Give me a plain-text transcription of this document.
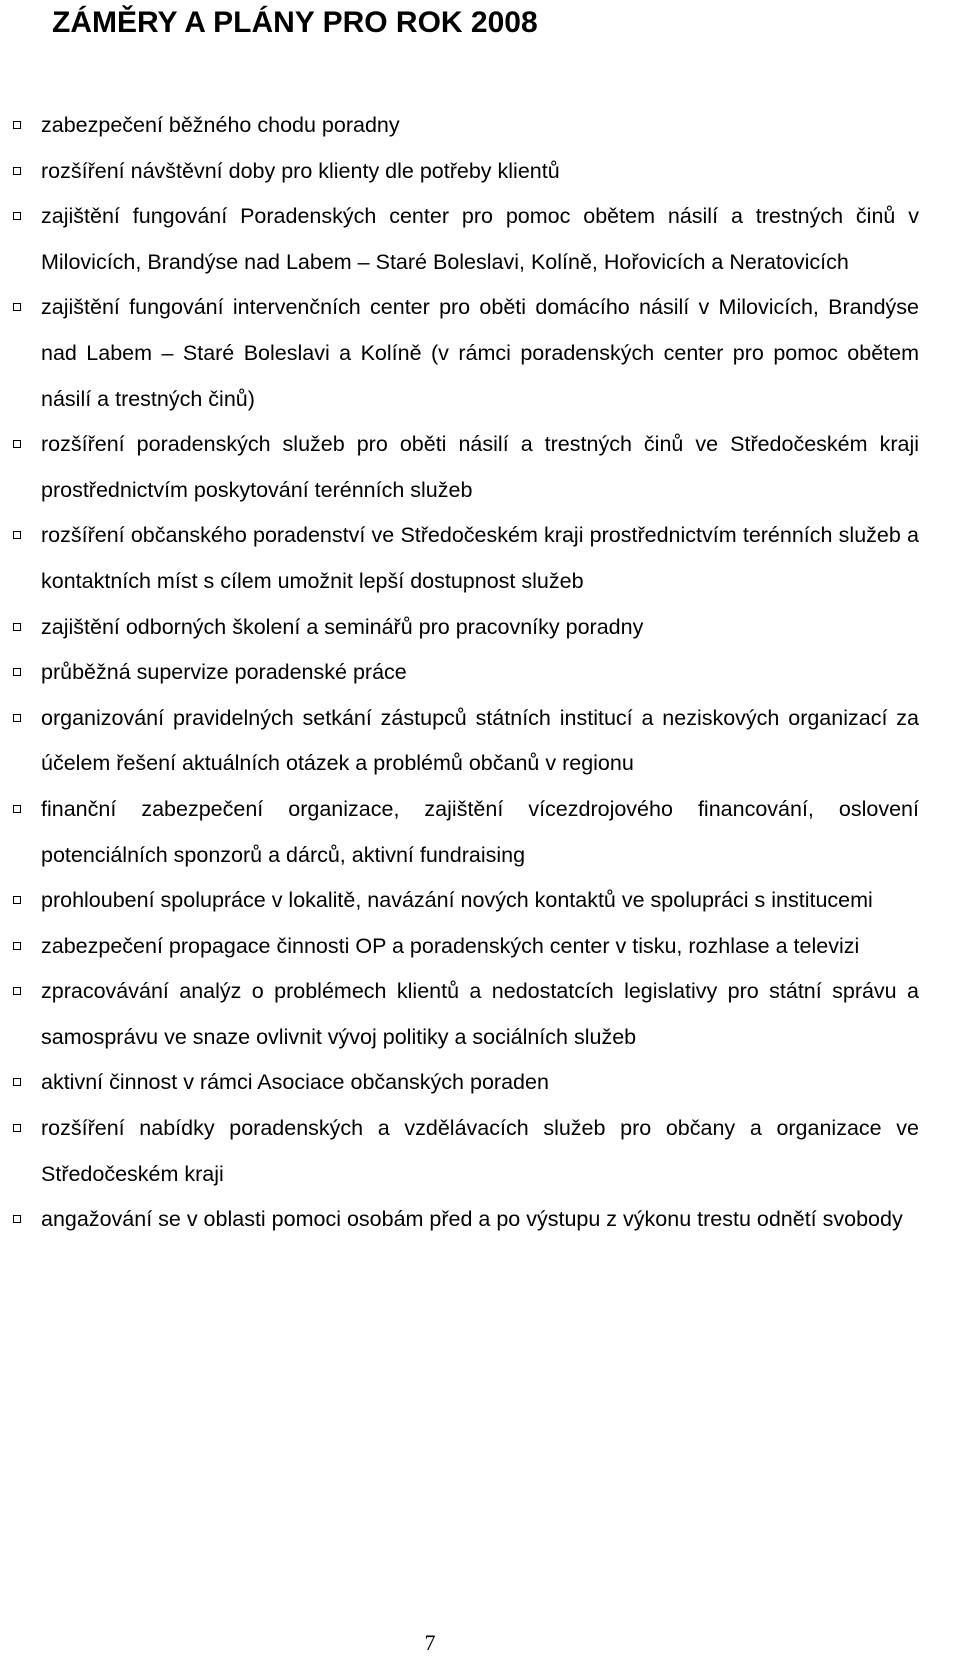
ZÁMĚRY A PLÁNY PRO ROK 2008
zabezpečení běžného chodu poradny
rozšíření návštěvní doby pro klienty dle potřeby klientů
zajištění fungování Poradenských center pro pomoc obětem násilí a trestných činů v Milovicích, Brandýse nad Labem – Staré Boleslavi, Kolíně, Hořovicích a Neratovicích
zajištění fungování intervenčních center pro oběti domácího násilí v Milovicích, Brandýse nad Labem – Staré Boleslavi a Kolíně (v rámci poradenských center pro pomoc obětem násilí a trestných činů)
rozšíření poradenských služeb pro oběti násilí a trestných činů ve Středočeském kraji prostřednictvím poskytování terénních služeb
rozšíření občanského poradenství ve Středočeském kraji prostřednictvím terénních služeb a kontaktních míst s cílem umožnit lepší dostupnost služeb
zajištění odborných školení a seminářů pro pracovníky poradny
průběžná supervize poradenské práce
organizování pravidelných setkání zástupců státních institucí a neziskových organizací za účelem řešení aktuálních otázek a problémů občanů v regionu
finanční zabezpečení organizace, zajištění vícezdrojového financování, oslovení potenciálních sponzorů a dárců, aktivní fundraising
prohloubení spolupráce v lokalitě, navázání nových kontaktů ve spolupráci s institucemi
zabezpečení propagace činnosti OP a poradenských center v tisku, rozhlase a televizi
zpracovávání analýz o problémech klientů a nedostatcích legislativy pro státní správu a samosprávu ve snaze ovlivnit vývoj politiky a sociálních služeb
aktivní činnost v rámci Asociace občanských poraden
rozšíření nabídky poradenských a vzdělávacích služeb pro občany a organizace ve Středočeském kraji
angažování se v oblasti pomoci osobám před a po výstupu z výkonu trestu odnětí svobody
7
